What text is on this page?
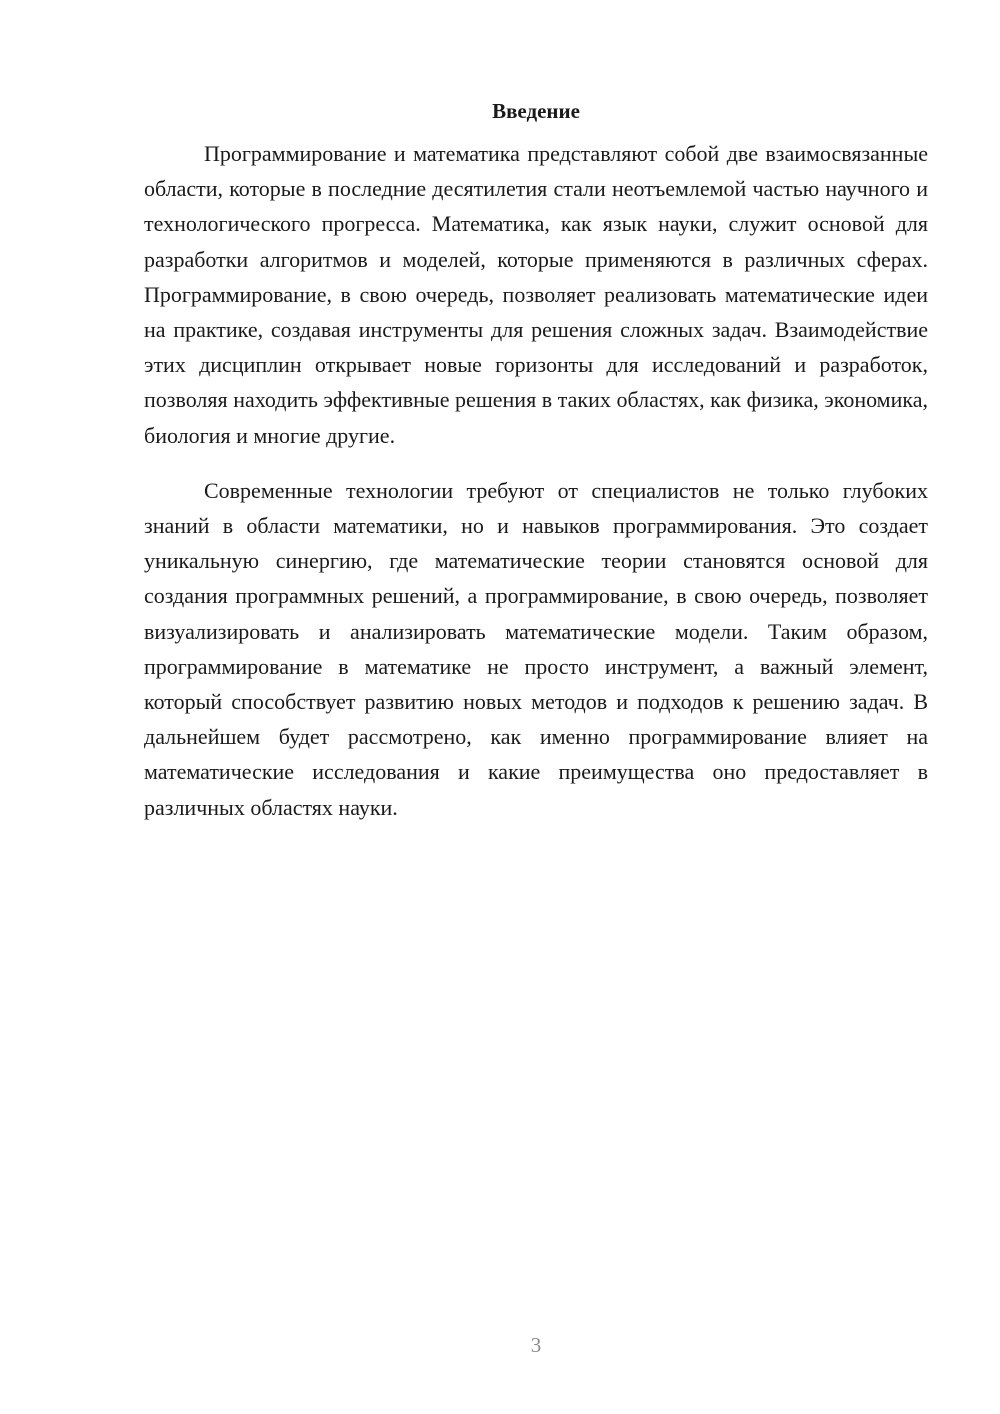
Введение

Программирование и математика представляют собой две взаимосвязанные области, которые в последние десятилетия стали неотъемлемой частью научного и технологического прогресса. Математика, как язык науки, служит основой для разработки алгоритмов и моделей, которые применяются в различных сферах. Программирование, в свою очередь, позволяет реализовать математические идеи на практике, создавая инструменты для решения сложных задач. Взаимодействие этих дисциплин открывает новые горизонты для исследований и разработок, позволяя находить эффективные решения в таких областях, как физика, экономика, биология и многие другие.

Современные технологии требуют от специалистов не только глубоких знаний в области математики, но и навыков программирования. Это создает уникальную синергию, где математические теории становятся основой для создания программных решений, а программирование, в свою очередь, позволяет визуализировать и анализировать математические модели. Таким образом, программирование в математике не просто инструмент, а важный элемент, который способствует развитию новых методов и подходов к решению задач. В дальнейшем будет рассмотрено, как именно программирование влияет на математические исследования и какие преимущества оно предоставляет в различных областях науки.

3
